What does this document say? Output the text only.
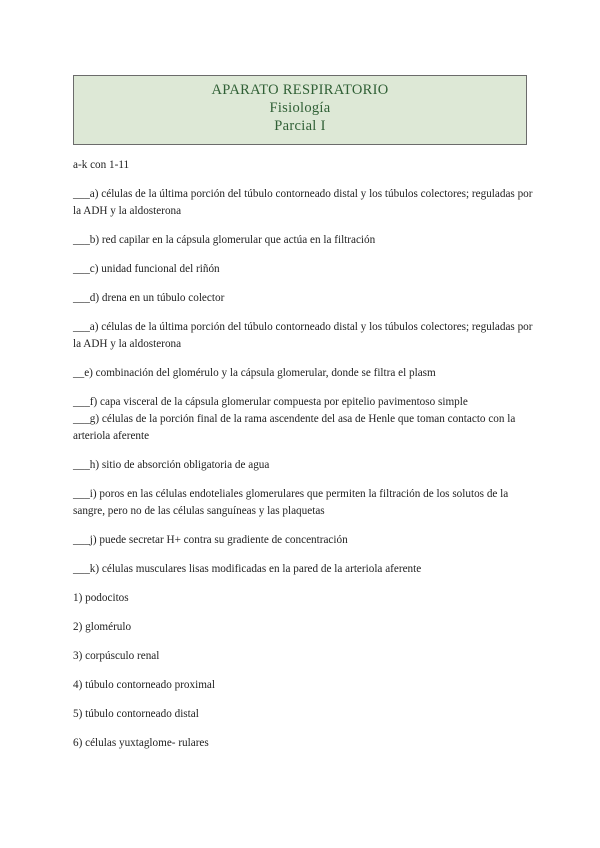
APARATO RESPIRATORIO
Fisiología
Parcial I
a-k con 1-11
___a) células de la última porción del túbulo contorneado distal y los túbulos colectores; reguladas por la ADH y la aldosterona
___b) red capilar en la cápsula glomerular que actúa en la filtración
___c) unidad funcional del riñón
___d) drena en un túbulo colector
___a) células de la última porción del túbulo contorneado distal y los túbulos colectores; reguladas por la ADH y la aldosterona
__e) combinación del glomérulo y la cápsula glomerular, donde se filtra el plasm
___f) capa visceral de la cápsula glomerular compuesta por epitelio pavimentoso simple
___g) células de la porción final de la rama ascendente del asa de Henle que toman contacto con la arteriola aferente
___h) sitio de absorción obligatoria de agua
___i) poros en las células endoteliales glomerulares que permiten la filtración de los solutos de la sangre, pero no de las células sanguíneas y las plaquetas
___j) puede secretar H+ contra su gradiente de concentración
___k) células musculares lisas modificadas en la pared de la arteriola aferente
1) podocitos
2) glomérulo
3) corpúsculo renal
4) túbulo contorneado proximal
5) túbulo contorneado distal
6) células yuxtaglome- rulares
